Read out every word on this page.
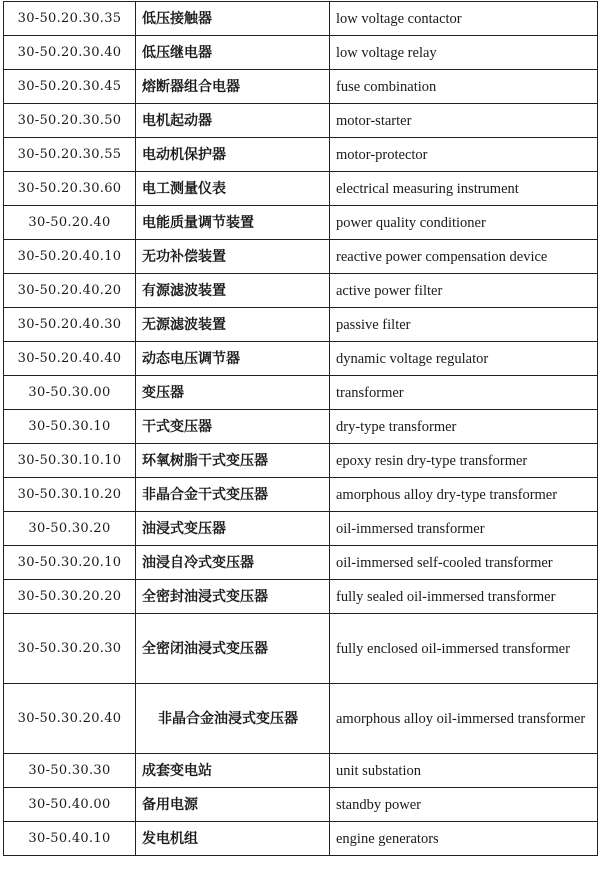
30-50.20.30.35	低压接触器	low voltage contactor
30-50.20.30.40	低压继电器	low voltage relay
30-50.20.30.45	熔断器组合电器	fuse combination
30-50.20.30.50	电机起动器	motor-starter
30-50.20.30.55	电动机保护器	motor-protector
30-50.20.30.60	电工测量仪表	electrical measuring instrument
30-50.20.40	电能质量调节装置	power quality conditioner
30-50.20.40.10	无功补偿装置	reactive power compensation device
30-50.20.40.20	有源滤波装置	active power filter
30-50.20.40.30	无源滤波装置	passive filter
30-50.20.40.40	动态电压调节器	dynamic voltage regulator
30-50.30.00	变压器	transformer
30-50.30.10	干式变压器	dry-type transformer
30-50.30.10.10	环氧树脂干式变压器	epoxy resin dry-type transformer
30-50.30.10.20	非晶合金干式变压器	amorphous alloy dry-type transformer
30-50.30.20	油浸式变压器	oil-immersed transformer
30-50.30.20.10	油浸自冷式变压器	oil-immersed self-cooled transformer
30-50.30.20.20	全密封油浸式变压器	fully sealed oil-immersed transformer
30-50.30.20.30	全密闭油浸式变压器	fully enclosed oil-immersed transformer
30-50.30.20.40	非晶合金油浸式变压器	amorphous alloy oil-immersed transformer
30-50.30.30	成套变电站	unit substation
30-50.40.00	备用电源	standby power
30-50.40.10	发电机组	engine generators
